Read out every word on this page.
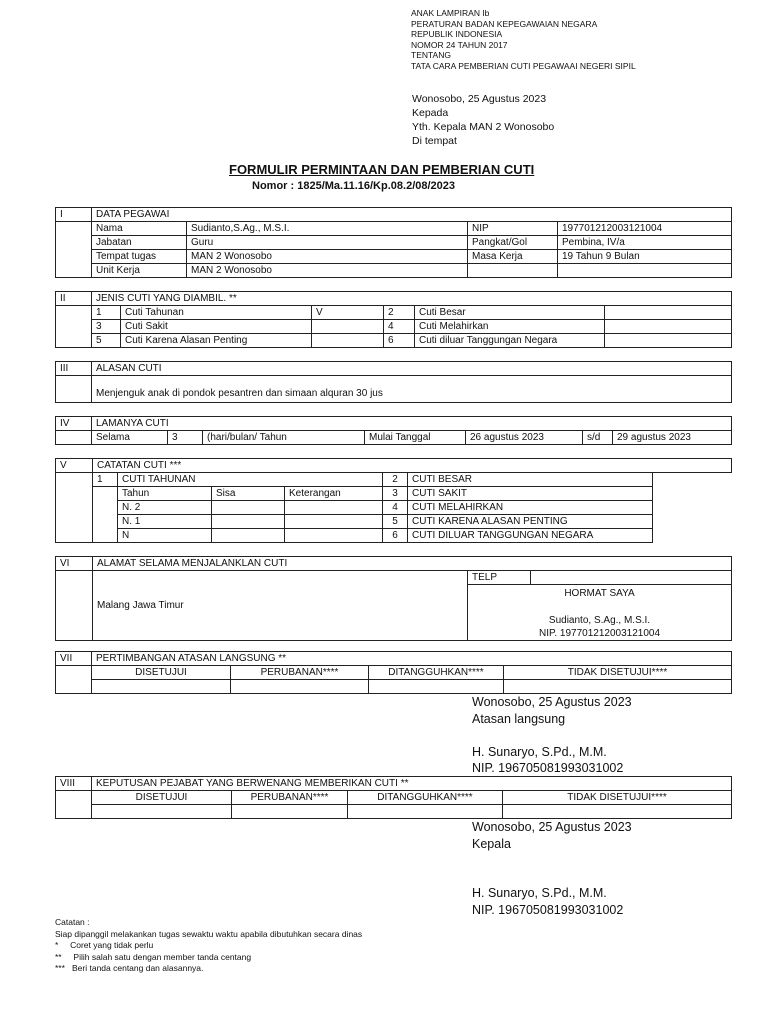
ANAK LAMPIRAN Ib
PERATURAN BADAN KEPEGAWAIAN NEGARA
REPUBLIK INDONESIA
NOMOR 24 TAHUN 2017
TENTANG
TATA CARA PEMBERIAN CUTI PEGAWAAI NEGERI SIPIL
Wonosobo, 25 Agustus 2023
Kepada
Yth. Kepala MAN 2 Wonosobo
Di tempat
FORMULIR PERMINTAAN DAN PEMBERIAN CUTI
Nomor : 1825/Ma.11.16/Kp.08.2/08/2023
I	DATA PEGAWAI			
	Nama	Sudianto,S.Ag., M.S.I.	NIP	197701212003121004
	Jabatan	Guru	Pangkat/Gol	Pembina, IV/a
	Tempat tugas	MAN 2 Wonosobo	Masa Kerja	19 Tahun 9 Bulan
	Unit Kerja	MAN 2 Wonosobo		
II	JENIS CUTI YANG DIAMBIL. **					
	1	Cuti Tahunan	V	2	Cuti Besar	
	3	Cuti Sakit		4	Cuti Melahirkan	
	5	Cuti Karena Alasan Penting		6	Cuti diluar Tanggungan Negara	
III	ALASAN CUTI
	Menjenguk anak di pondok pesantren dan simaan alquran 30 jus
IV	LAMANYA CUTI						
	Selama	3	(hari/bulan/ Tahun	Mulai Tanggal	26 agustus 2023	s/d	29 agustus 2023
V	CATATAN CUTI ***						
	1	CUTI TAHUNAN			2	CUTI BESAR	
		Tahun	Sisa	Keterangan	3	CUTI SAKIT	
		N. 2			4	CUTI MELAHIRKAN	
		N. 1			5	CUTI KARENA ALASAN PENTING	
		N			6	CUTI DILUAR TANGGUNGAN NEGARA	
VI	ALAMAT SELAMA MENJALANKLAN CUTI		
	Malang Jawa Timur	TELP	

		HORMAT SAYA
Sudianto, S.Ag., M.S.I.
NIP. 197701212003121004	
VII	PERTIMBANGAN ATASAN LANGSUNG **			
	DISETUJUI	PERUBANAN****	DITANGGUHKAN****	TIDAK DISETUJUI****

Wonosobo, 25 Agustus 2023
Atasan langsung
H. Sunaryo, S.Pd., M.M.
NIP. 196705081993031002
VIII	KEPUTUSAN PEJABAT YANG BERWENANG MEMBERIKAN CUTI **			
	DISETUJUI	PERUBANAN****	DITANGGUHKAN****	TIDAK DISETUJUI****

Wonosobo, 25 Agustus 2023
Kepala
H. Sunaryo, S.Pd., M.M.
NIP. 196705081993031002
Catatan :
Siap dipanggil melakankan tugas sewaktu waktu apabila dibutuhkan secara dinas
*     Coret yang tidak perlu
**     Pilih salah satu dengan member tanda centang
***   Beri tanda centang dan alasannya.
